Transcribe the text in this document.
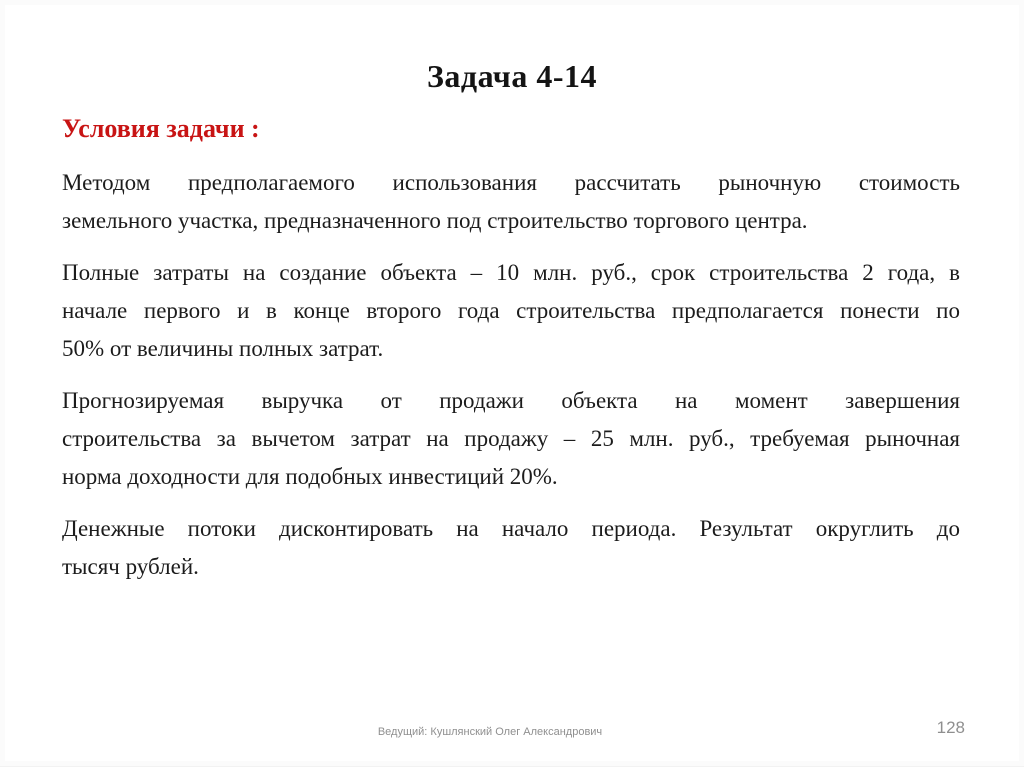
Задача 4-14
Условия задачи :
Методом предполагаемого использования рассчитать рыночную стоимость
земельного участка, предназначенного под строительство торгового центра.
Полные затраты на создание объекта – 10 млн. руб., срок строительства 2 года, в
начале первого и в конце второго года строительства предполагается понести по
50% от величины полных затрат.
Прогнозируемая выручка от продажи объекта на момент завершения
строительства за вычетом затрат на продажу – 25 млн. руб., требуемая рыночная
норма доходности для подобных инвестиций 20%.
Денежные потоки дисконтировать на начало периода. Результат округлить до
тысяч рублей.
Ведущий: Кушлянский Олег Александрович	128
